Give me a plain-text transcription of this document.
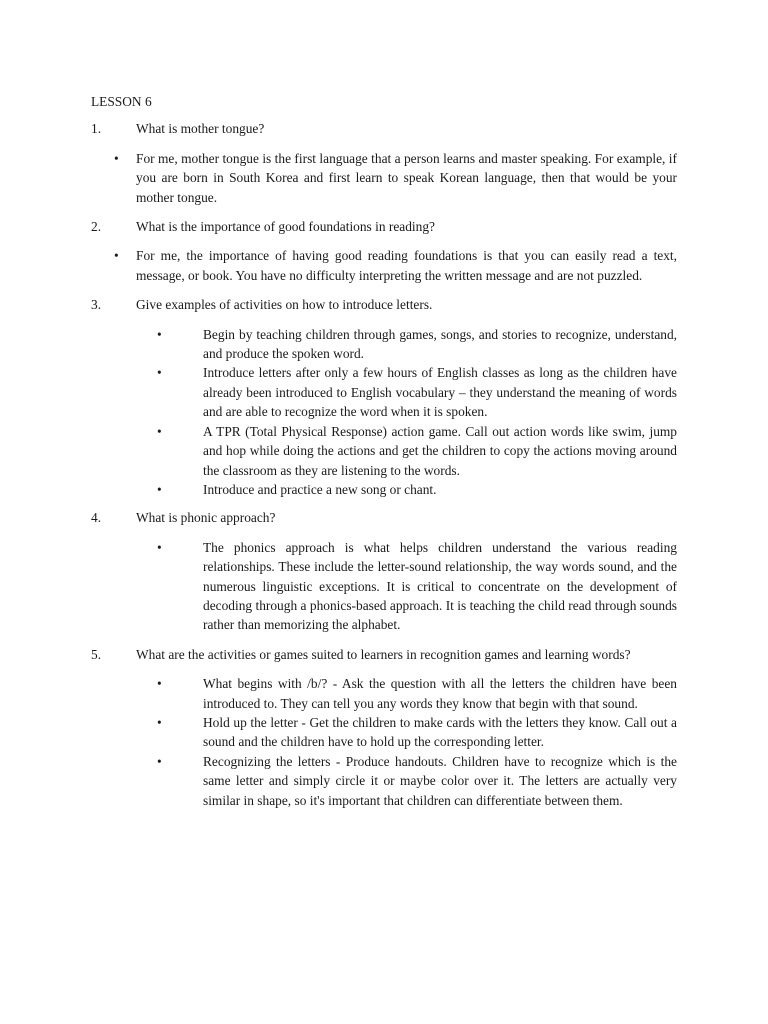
LESSON 6
1.	What is mother tongue?
• For me, mother tongue is the first language that a person learns and master speaking. For example, if you are born in South Korea and first learn to speak Korean language, then that would be your mother tongue.
2.	What is the importance of good foundations in reading?
• For me, the importance of having good reading foundations is that you can easily read a text, message, or book. You have no difficulty interpreting the written message and are not puzzled.
3.	Give examples of activities on how to introduce letters.
•	Begin by teaching children through games, songs, and stories to recognize, understand, and produce the spoken word.
•	Introduce letters after only a few hours of English classes as long as the children have already been introduced to English vocabulary – they understand the meaning of words and are able to recognize the word when it is spoken.
•	A TPR (Total Physical Response) action game. Call out action words like swim, jump and hop while doing the actions and get the children to copy the actions moving around the classroom as they are listening to the words.
•	Introduce and practice a new song or chant.
4.	What is phonic approach?
•	The phonics approach is what helps children understand the various reading relationships. These include the letter-sound relationship, the way words sound, and the numerous linguistic exceptions. It is critical to concentrate on the development of decoding through a phonics-based approach. It is teaching the child read through sounds rather than memorizing the alphabet.
5.	What are the activities or games suited to learners in recognition games and learning words?
•	What begins with /b/? - Ask the question with all the letters the children have been introduced to. They can tell you any words they know that begin with that sound.
•	Hold up the letter - Get the children to make cards with the letters they know. Call out a sound and the children have to hold up the corresponding letter.
•	Recognizing the letters - Produce handouts. Children have to recognize which is the same letter and simply circle it or maybe color over it. The letters are actually very similar in shape, so it's important that children can differentiate between them.
